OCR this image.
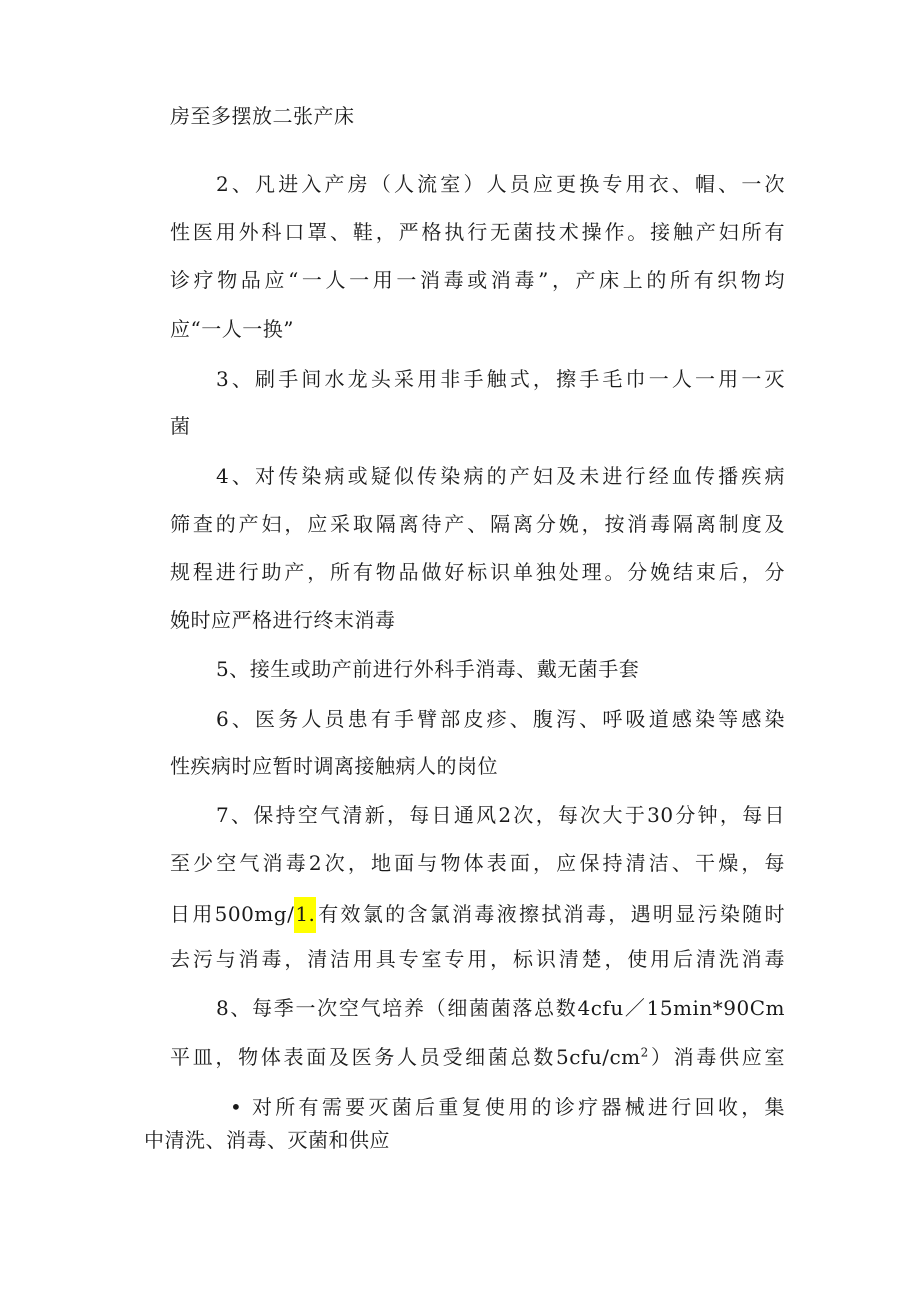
房至多摆放二张产床
2、凡进入产房（人流室）人员应更换专用衣、帽、一次
性医用外科口罩、鞋，严格执行无菌技术操作。接触产妇所有
诊疗物品应“一人一用一消毒或消毒”，产床上的所有织物均
应“一人一换”
3、刷手间水龙头采用非手触式，擦手毛巾一人一用一灭
菌
4、对传染病或疑似传染病的产妇及未进行经血传播疾病
筛查的产妇，应采取隔离待产、隔离分娩，按消毒隔离制度及
规程进行助产，所有物品做好标识单独处理。分娩结束后，分
娩时应严格进行终末消毒
5、接生或助产前进行外科手消毒、戴无菌手套
6、医务人员患有手臂部皮疹、腹泻、呼吸道感染等感染
性疾病时应暂时调离接触病人的岗位
7、保持空气清新，每日通风2次，每次大于30分钟，每日
至少空气消毒2次，地面与物体表面，应保持清洁、干燥，每
日用500mg/1.有效氯的含氯消毒液擦拭消毒，遇明显污染随时
去污与消毒，清洁用具专室专用，标识清楚，使用后清洗消毒
8、每季一次空气培养（细菌菌落总数4cfu／15min*90Cm
平皿，物体表面及医务人员受细菌总数$5cfu/cm^2$）消毒供应室
• 对所有需要灭菌后重复使用的诊疗器械进行回收，集
中清洗、消毒、灭菌和供应
